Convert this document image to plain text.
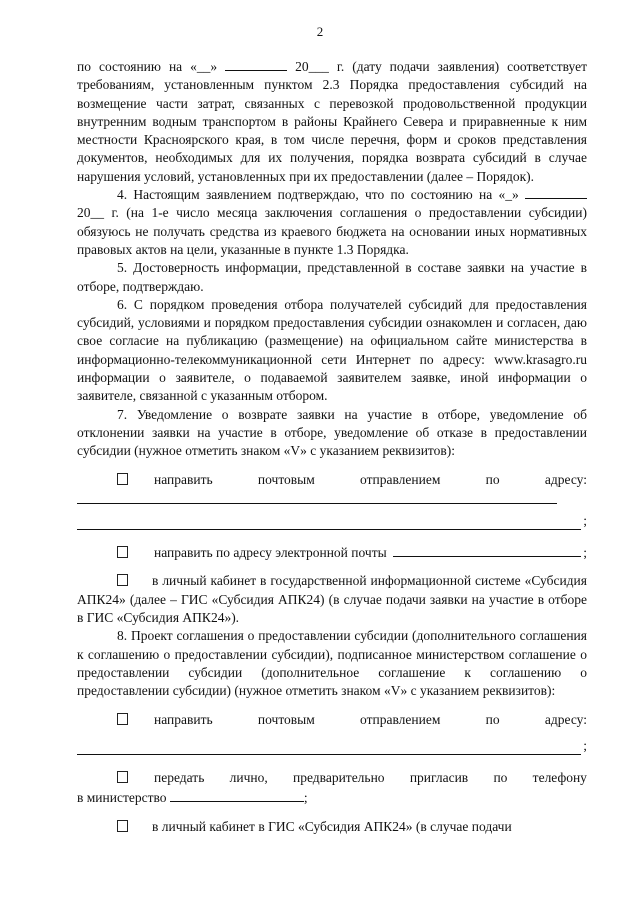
2

по состоянию на «__»	20___ г. (дату подачи заявления) соответствует требованиям, установленным пунктом 2.3 Порядка предоставления субсидий на возмещение части затрат, связанных с перевозкой продовольственной продукции внутренним водным транспортом в районы Крайнего Севера и приравненные к ним местности Красноярского края, в том числе перечня, форм и сроков представления документов, необходимых для их получения, порядка возврата субсидий в случае нарушения условий, установленных при их предоставлении (далее – Порядок).

4. Настоящим заявлением подтверждаю, что по состоянию на «_»  20__ г. (на 1-е число месяца заключения соглашения о предоставлении субсидии) обязуюсь не получать средства из краевого бюджета на основании иных нормативных правовых актов на цели, указанные в пункте 1.3 Порядка.

5. Достоверность информации, представленной в составе заявки на участие в отборе, подтверждаю.

6. С порядком проведения отбора получателей субсидий для предоставления субсидий, условиями и порядком предоставления субсидии ознакомлен и согласен, даю свое согласие на публикацию (размещение) на официальном сайте министерства в информационно-телекоммуникационной сети Интернет по адресу: www.krasagro.ru информации о заявителе, о подаваемой заявителем заявке, иной информации о заявителе, связанной с указанным отбором.

7. Уведомление о возврате заявки на участие в отборе, уведомление об отклонении заявки на участие в отборе, уведомление об отказе в предоставлении субсидии (нужное отметить знаком «V» с указанием реквизитов):

направить	почтовым	отправлением	по	адресу:
;
направить по адресу электронной почты	;

в личный кабинет в государственной информационной системе «Субсидия АПК24» (далее – ГИС «Субсидия АПК24) (в случае подачи заявки на участие в отборе в ГИС «Субсидия АПК24»).

8. Проект соглашения о предоставлении субсидии (дополнительного соглашения к соглашению о предоставлении субсидии), подписанное министерством соглашение о предоставлении субсидии (дополнительное соглашение к соглашению о предоставлении субсидии) (нужное отметить знаком «V» с указанием реквизитов):

направить	почтовым	отправлением	по	адресу:
;
передать лично, предварительно пригласив по телефону
в министерство	;

в личный кабинет в ГИС «Субсидия АПК24» (в случае подачи
